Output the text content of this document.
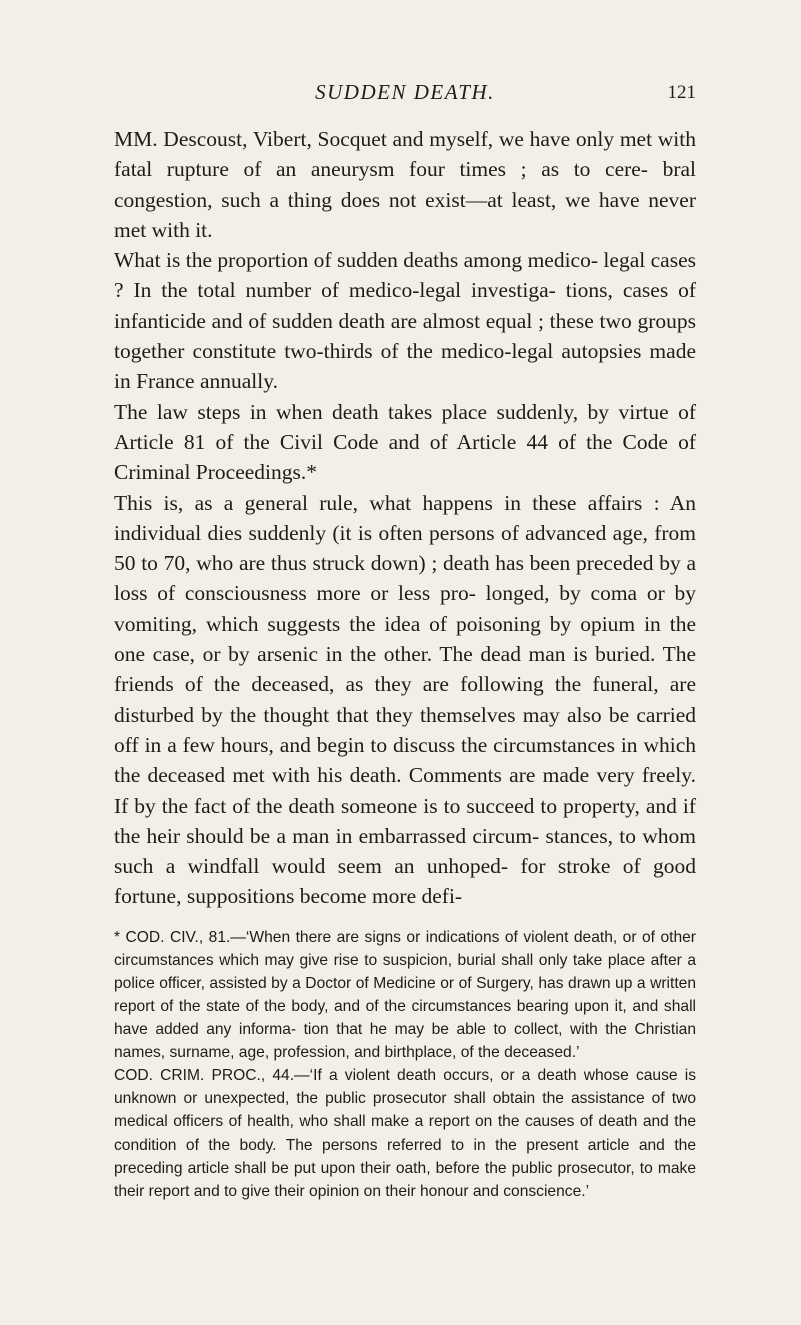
SUDDEN DEATH.	121

MM. Descoust, Vibert, Socquet and myself, we have only met with fatal rupture of an aneurysm four times ; as to cere- bral congestion, such a thing does not exist—at least, we have never met with it.

What is the proportion of sudden deaths among medico- legal cases ? In the total number of medico-legal investiga- tions, cases of infanticide and of sudden death are almost equal ; these two groups together constitute two-thirds of the medico-legal autopsies made in France annually.

The law steps in when death takes place suddenly, by virtue of Article 81 of the Civil Code and of Article 44 of the Code of Criminal Proceedings.*

This is, as a general rule, what happens in these affairs : An individual dies suddenly (it is often persons of advanced age, from 50 to 70, who are thus struck down) ; death has been preceded by a loss of consciousness more or less pro- longed, by coma or by vomiting, which suggests the idea of poisoning by opium in the one case, or by arsenic in the other. The dead man is buried. The friends of the deceased, as they are following the funeral, are disturbed by the thought that they themselves may also be carried off in a few hours, and begin to discuss the circumstances in which the deceased met with his death. Comments are made very freely. If by the fact of the death someone is to succeed to property, and if the heir should be a man in embarrassed circum- stances, to whom such a windfall would seem an unhoped- for stroke of good fortune, suppositions become more defi-

* COD. CIV., 81.—‘When there are signs or indications of violent death, or of other circumstances which may give rise to suspicion, burial shall only take place after a police officer, assisted by a Doctor of Medicine or of Surgery, has drawn up a written report of the state of the body, and of the circumstances bearing upon it, and shall have added any informa- tion that he may be able to collect, with the Christian names, surname, age, profession, and birthplace, of the deceased.’

COD. CRIM. PROC., 44.—‘If a violent death occurs, or a death whose cause is unknown or unexpected, the public prosecutor shall obtain the assistance of two medical officers of health, who shall make a report on the causes of death and the condition of the body. The persons referred to in the present article and the preceding article shall be put upon their oath, before the public prosecutor, to make their report and to give their opinion on their honour and conscience.’
